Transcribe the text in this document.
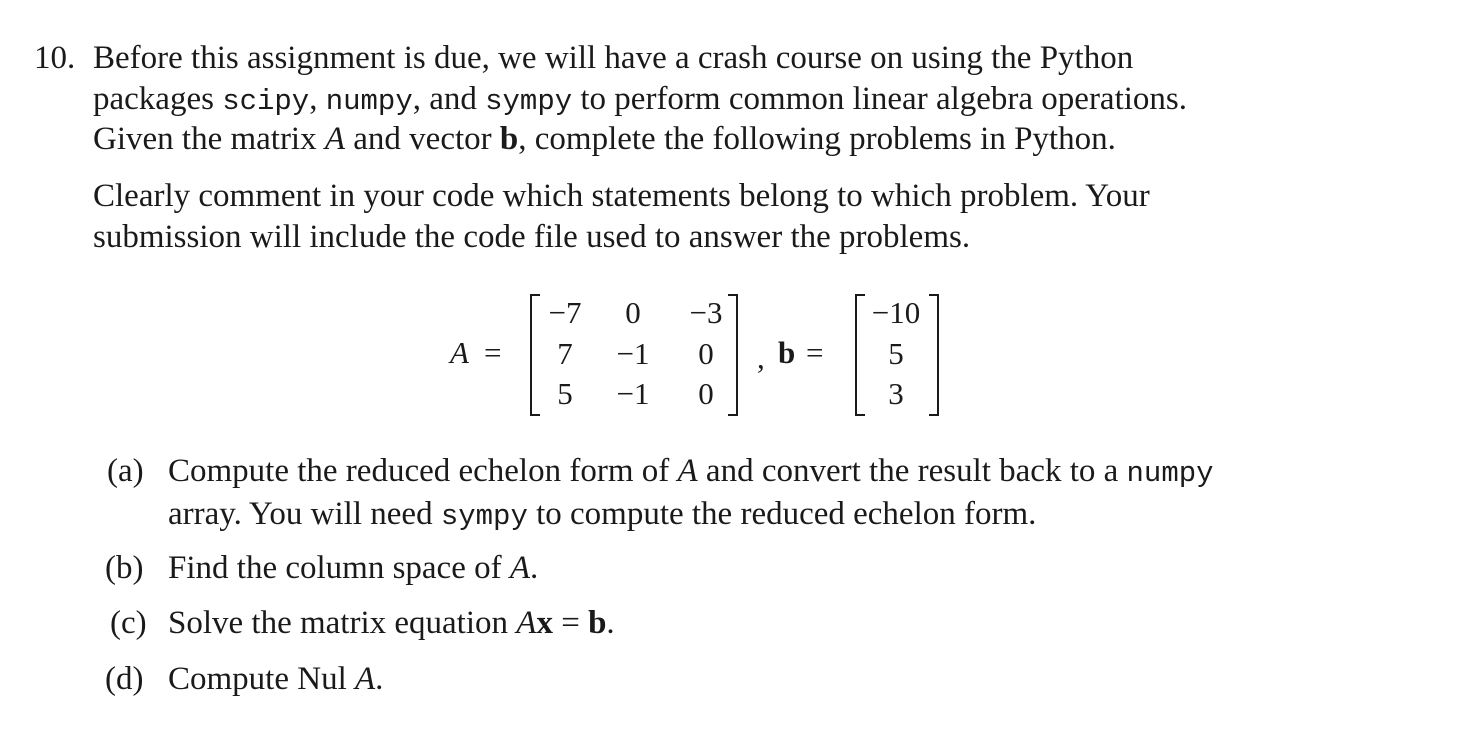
10. Before this assignment is due, we will have a crash course on using the Python
packages scipy, numpy, and sympy to perform common linear algebra operations.
Given the matrix A and vector b, complete the following problems in Python.
Clearly comment in your code which statements belong to which problem. Your
submission will include the code file used to answer the problems.
A =
−7	0	−3
7	−1	0
5	−1	0
, b =
−10
5
3
(a) Compute the reduced echelon form of A and convert the result back to a numpy
array. You will need sympy to compute the reduced echelon form.
(b) Find the column space of A.
(c) Solve the matrix equation Ax = b.
(d) Compute Nul A.
